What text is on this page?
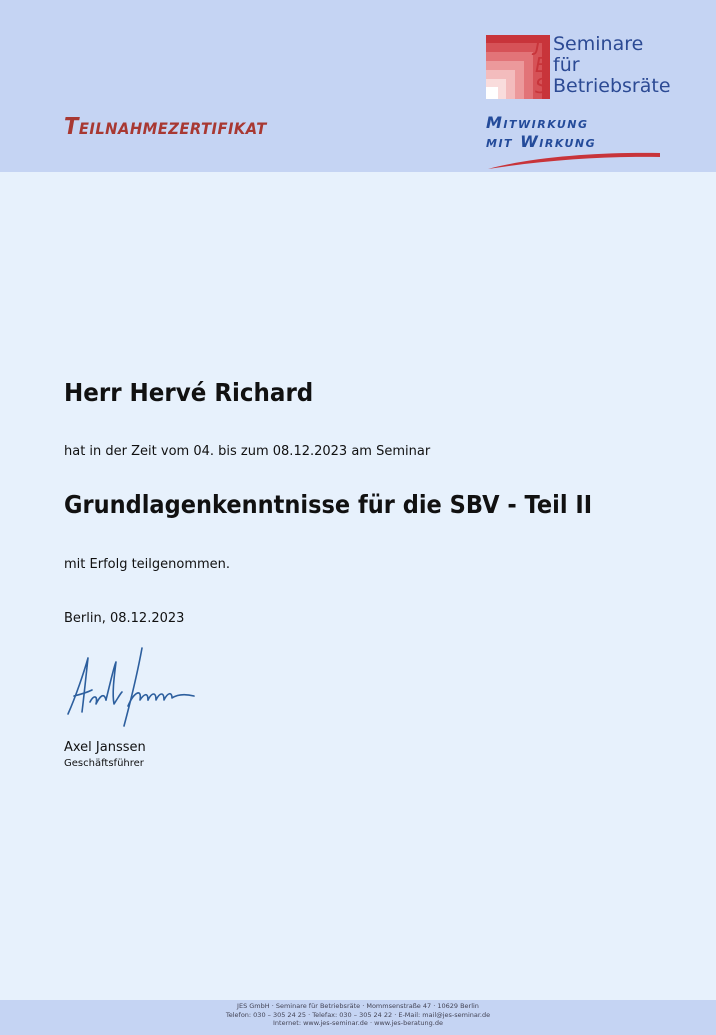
Teilnahmezertifikat
J
E
S
Seminare
für
Betriebsräte
Mitwirkung
mit Wirkung
Herr Hervé Richard
hat in der Zeit vom 04. bis zum 08.12.2023 am Seminar
Grundlagenkenntnisse für die SBV - Teil II
mit Erfolg teilgenommen.
Berlin, 08.12.2023
Axel Janssen
Geschäftsführer
JES GmbH · Seminare für Betriebsräte · Mommsenstraße 47 · 10629 Berlin
Telefon: 030 – 305 24 25 · Telefax: 030 – 305 24 22 · E-Mail: mail@jes-seminar.de
Internet: www.jes-seminar.de · www.jes-beratung.de
